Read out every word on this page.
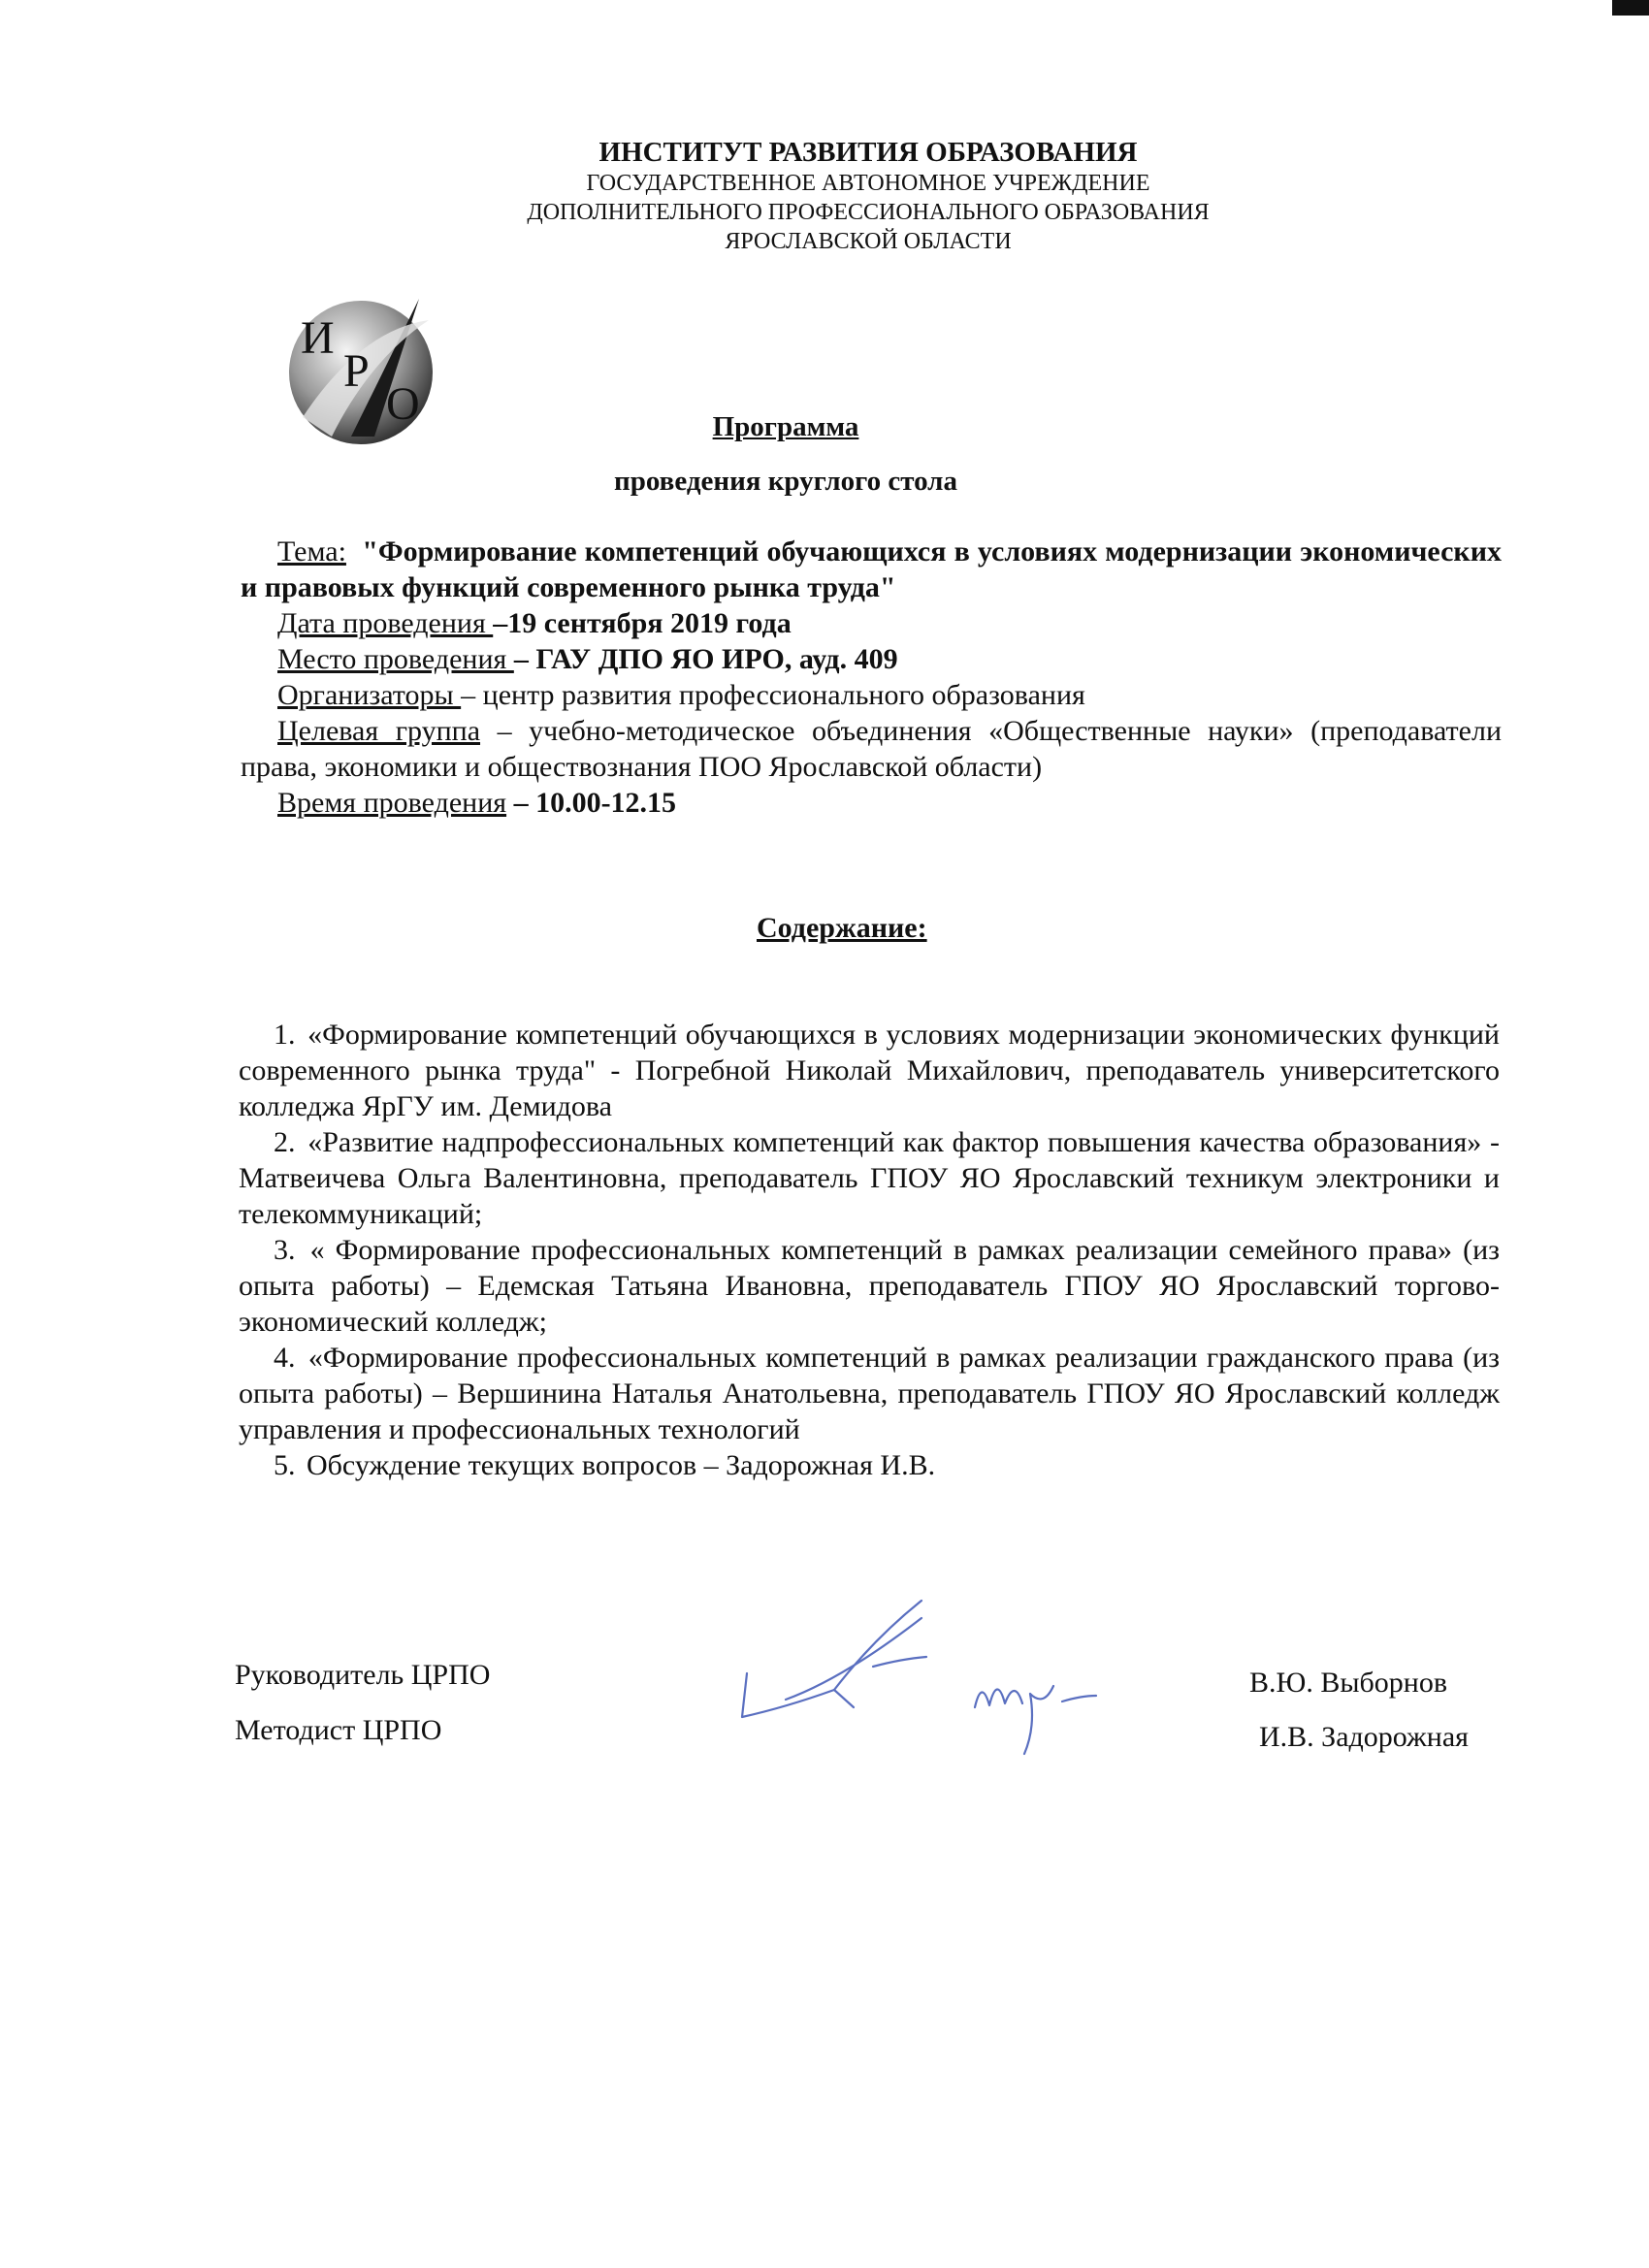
ИНСТИТУТ РАЗВИТИЯ ОБРАЗОВАНИЯ
ГОСУДАРСТВЕННОЕ АВТОНОМНОЕ УЧРЕЖДЕНИЕ
ДОПОЛНИТЕЛЬНОГО ПРОФЕССИОНАЛЬНОГО ОБРАЗОВАНИЯ
ЯРОСЛАВСКОЙ ОБЛАСТИ
И
Р
О	Программа
проведения круглого стола
Тема: "Формирование компетенций обучающихся в условиях модернизации экономических и правовых функций современного рынка труда"
Дата проведения –19 сентября 2019 года
Место проведения – ГАУ ДПО ЯО ИРО, ауд. 409
Организаторы – центр развития профессионального образования
Целевая группа – учебно-методическое объединения «Общественные науки» (преподаватели права, экономики и обществознания ПОО Ярославской области)
Время проведения – 10.00-12.15
Содержание:
1. «Формирование компетенций обучающихся в условиях модернизации экономических функций современного рынка труда" - Погребной Николай Михайлович, преподаватель университетского колледжа ЯрГУ им. Демидова
2. «Развитие надпрофессиональных компетенций как фактор повышения качества образования» - Матвеичева Ольга Валентиновна, преподаватель ГПОУ ЯО Ярославский техникум электроники и телекоммуникаций;
3. « Формирование профессиональных компетенций в рамках реализации семейного права» (из опыта работы) – Едемская Татьяна Ивановна, преподаватель ГПОУ ЯО Ярославский торгово-экономический колледж;
4. «Формирование профессиональных компетенций в рамках реализации гражданского права (из опыта работы) – Вершинина Наталья Анатольевна, преподаватель ГПОУ ЯО Ярославский колледж управления и профессиональных технологий
5. Обсуждение текущих вопросов – Задорожная И.В.
Руководитель ЦРПО
Методист ЦРПО
В.Ю. Выборнов
И.В. Задорожная
